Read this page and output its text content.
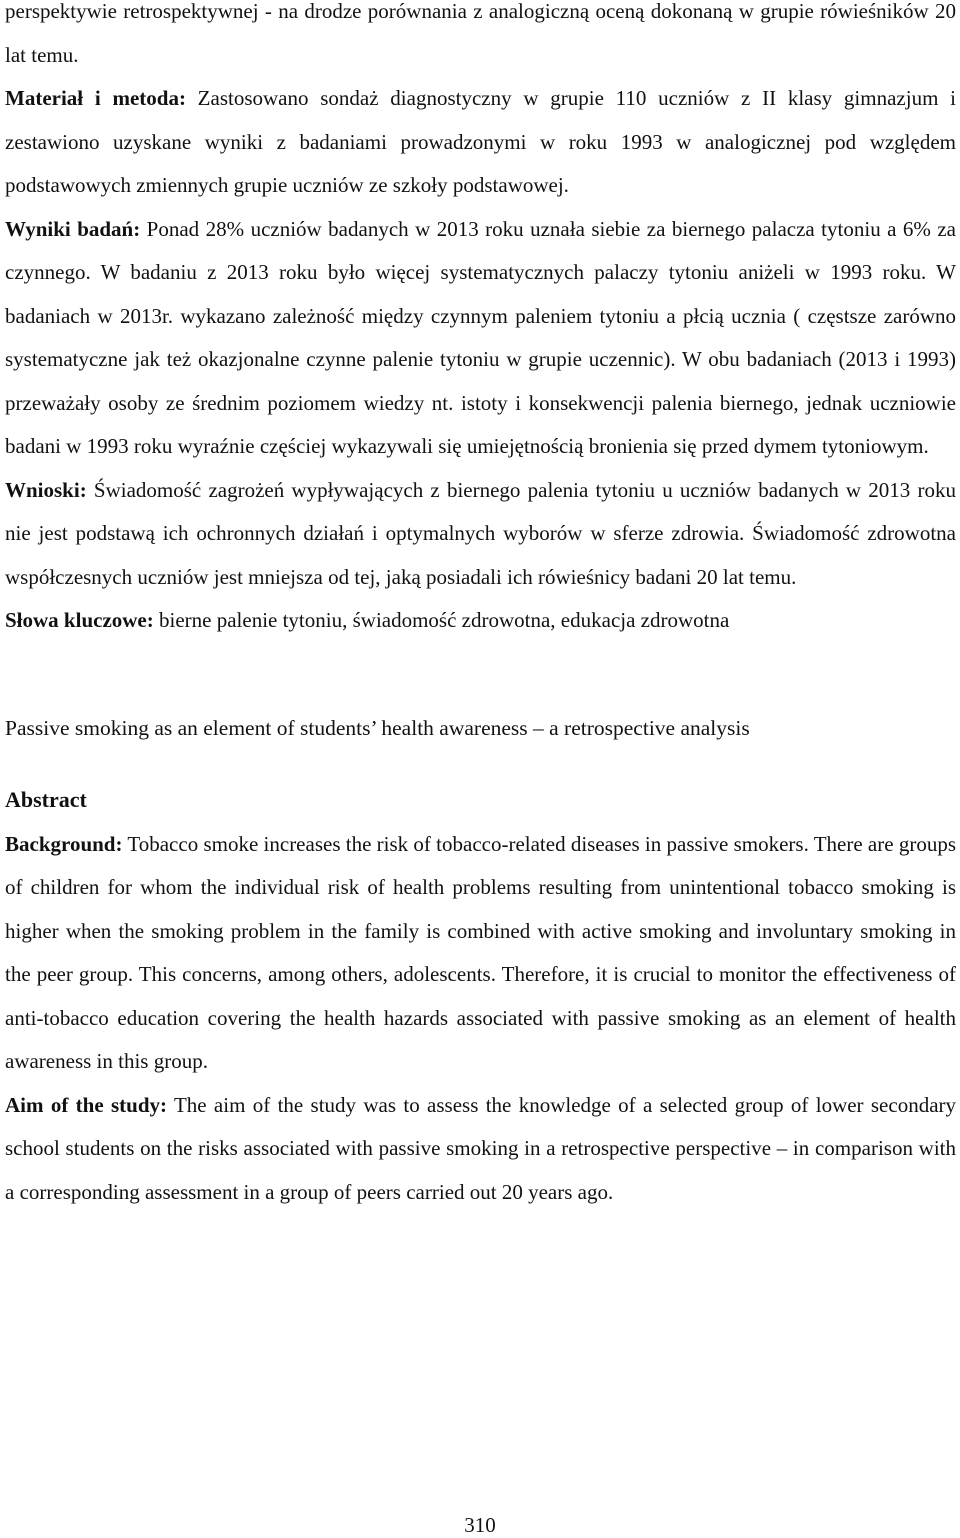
perspektywie retrospektywnej - na drodze porównania z analogiczną oceną dokonaną w grupie rówieśników 20 lat temu.

Materiał i metoda: Zastosowano sondaż diagnostyczny w grupie 110 uczniów z II klasy gimnazjum i zestawiono uzyskane wyniki z badaniami prowadzonymi w roku 1993 w analogicznej pod względem podstawowych zmiennych grupie uczniów ze szkoły podstawowej.

Wyniki badań: Ponad 28% uczniów badanych w 2013 roku uznała siebie za biernego palacza tytoniu a 6% za czynnego. W badaniu z 2013 roku było więcej systematycznych palaczy tytoniu aniżeli w 1993 roku. W badaniach w 2013r. wykazano zależność między czynnym paleniem tytoniu a płcią ucznia ( częstsze zarówno systematyczne jak też okazjonalne czynne palenie tytoniu w grupie uczennic). W obu badaniach (2013 i 1993) przeważały osoby ze średnim poziomem wiedzy nt. istoty i konsekwencji palenia biernego, jednak uczniowie badani w 1993 roku wyraźnie częściej wykazywali się umiejętnością bronienia się przed dymem tytoniowym.

Wnioski: Świadomość zagrożeń wypływających z biernego palenia tytoniu u uczniów badanych w 2013 roku nie jest podstawą ich ochronnych działań i optymalnych wyborów w sferze zdrowia. Świadomość zdrowotna współczesnych uczniów jest mniejsza od tej, jaką posiadali ich rówieśnicy badani 20 lat temu.

Słowa kluczowe: bierne palenie tytoniu, świadomość zdrowotna, edukacja zdrowotna

Passive smoking as an element of students’ health awareness – a retrospective analysis

Abstract

Background: Tobacco smoke increases the risk of tobacco-related diseases in passive smokers. There are groups of children for whom the individual risk of health problems resulting from unintentional tobacco smoking is higher when the smoking problem in the family is combined with active smoking and involuntary smoking in the peer group. This concerns, among others, adolescents. Therefore, it is crucial to monitor the effectiveness of anti-tobacco education covering the health hazards associated with passive smoking as an element of health awareness in this group.

Aim of the study: The aim of the study was to assess the knowledge of a selected group of lower secondary school students on the risks associated with passive smoking in a retrospective perspective – in comparison with a corresponding assessment in a group of peers carried out 20 years ago.

310
